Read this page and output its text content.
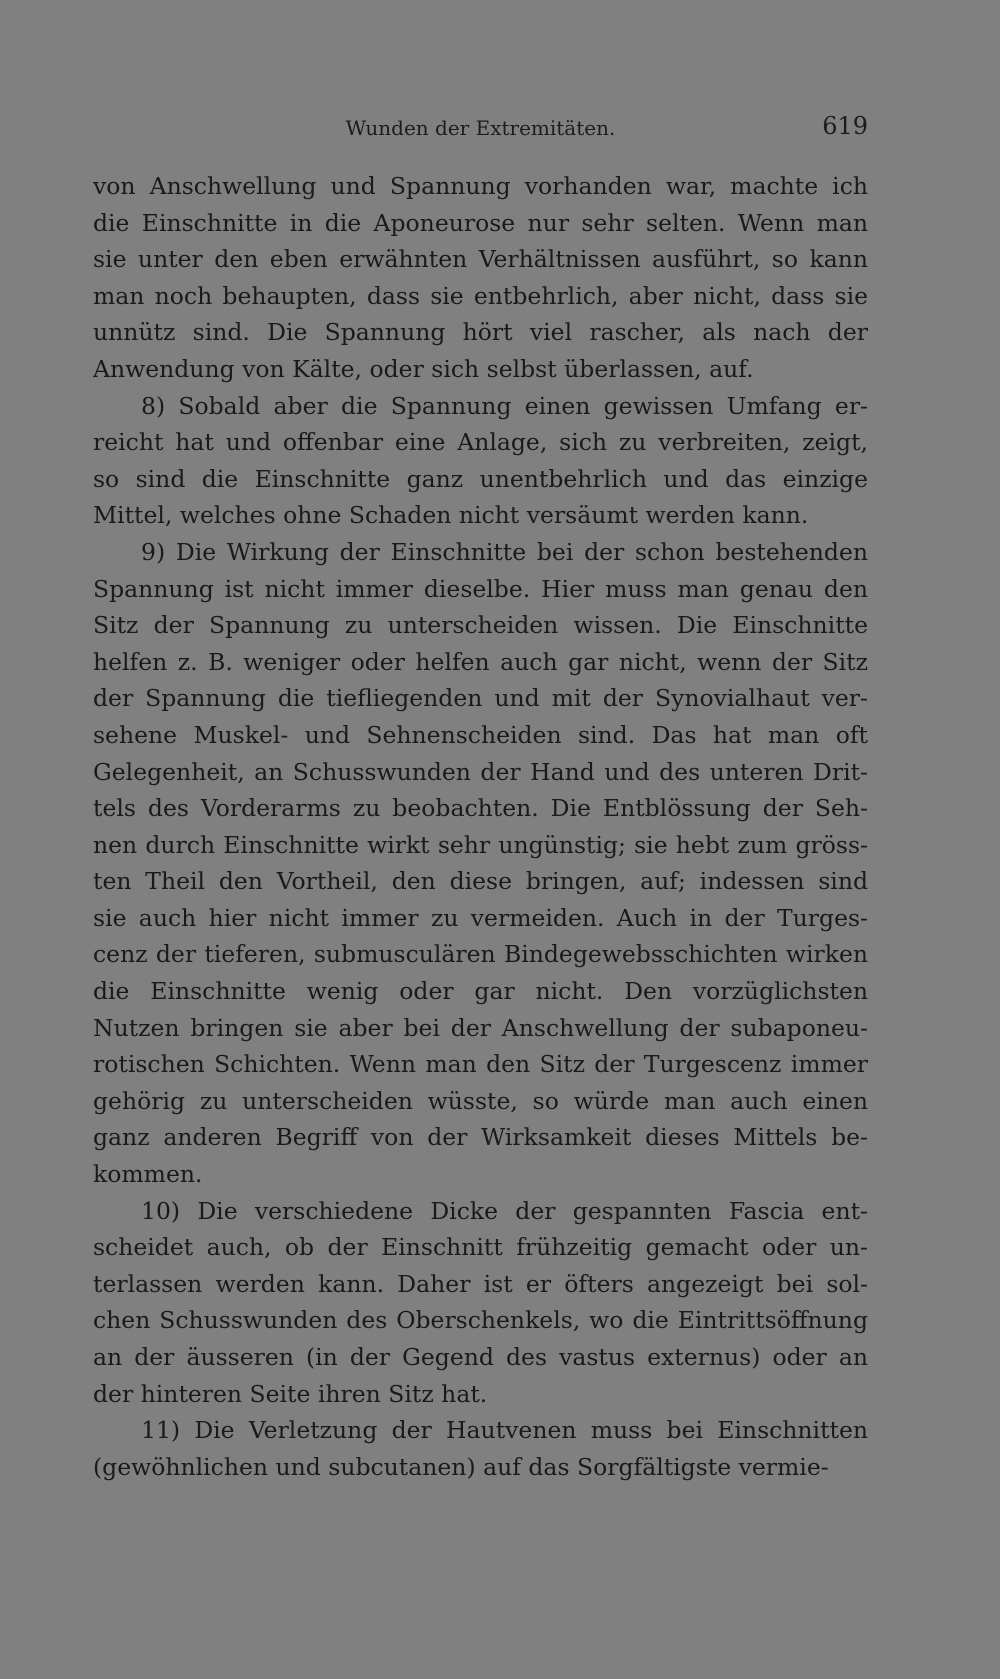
Wunden der Extremitäten.	619
von Anschwellung und Spannung vorhanden war, machte ich
die Einschnitte in die Aponeurose nur sehr selten. Wenn man
sie unter den eben erwähnten Verhältnissen ausführt, so kann
man noch behaupten, dass sie entbehrlich, aber nicht, dass sie
unnütz sind. Die Spannung hört viel rascher, als nach der
Anwendung von Kälte, oder sich selbst überlassen, auf.
8) Sobald aber die Spannung einen gewissen Umfang er-
reicht hat und offenbar eine Anlage, sich zu verbreiten, zeigt,
so sind die Einschnitte ganz unentbehrlich und das einzige
Mittel, welches ohne Schaden nicht versäumt werden kann.
9) Die Wirkung der Einschnitte bei der schon bestehenden
Spannung ist nicht immer dieselbe. Hier muss man genau den
Sitz der Spannung zu unterscheiden wissen. Die Einschnitte
helfen z. B. weniger oder helfen auch gar nicht, wenn der Sitz
der Spannung die tiefliegenden und mit der Synovialhaut ver-
sehene Muskel- und Sehnenscheiden sind. Das hat man oft
Gelegenheit, an Schusswunden der Hand und des unteren Drit-
tels des Vorderarms zu beobachten. Die Entblössung der Seh-
nen durch Einschnitte wirkt sehr ungünstig; sie hebt zum gröss-
ten Theil den Vortheil, den diese bringen, auf; indessen sind
sie auch hier nicht immer zu vermeiden. Auch in der Turges-
cenz der tieferen, submusculären Bindegewebsschichten wirken
die Einschnitte wenig oder gar nicht. Den vorzüglichsten
Nutzen bringen sie aber bei der Anschwellung der subaponeu-
rotischen Schichten. Wenn man den Sitz der Turgescenz immer
gehörig zu unterscheiden wüsste, so würde man auch einen
ganz anderen Begriff von der Wirksamkeit dieses Mittels be-
kommen.
10) Die verschiedene Dicke der gespannten Fascia ent-
scheidet auch, ob der Einschnitt frühzeitig gemacht oder un-
terlassen werden kann. Daher ist er öfters angezeigt bei sol-
chen Schusswunden des Oberschenkels, wo die Eintrittsöffnung
an der äusseren (in der Gegend des vastus externus) oder an
der hinteren Seite ihren Sitz hat.
11) Die Verletzung der Hautvenen muss bei Einschnitten
(gewöhnlichen und subcutanen) auf das Sorgfältigste vermie-
